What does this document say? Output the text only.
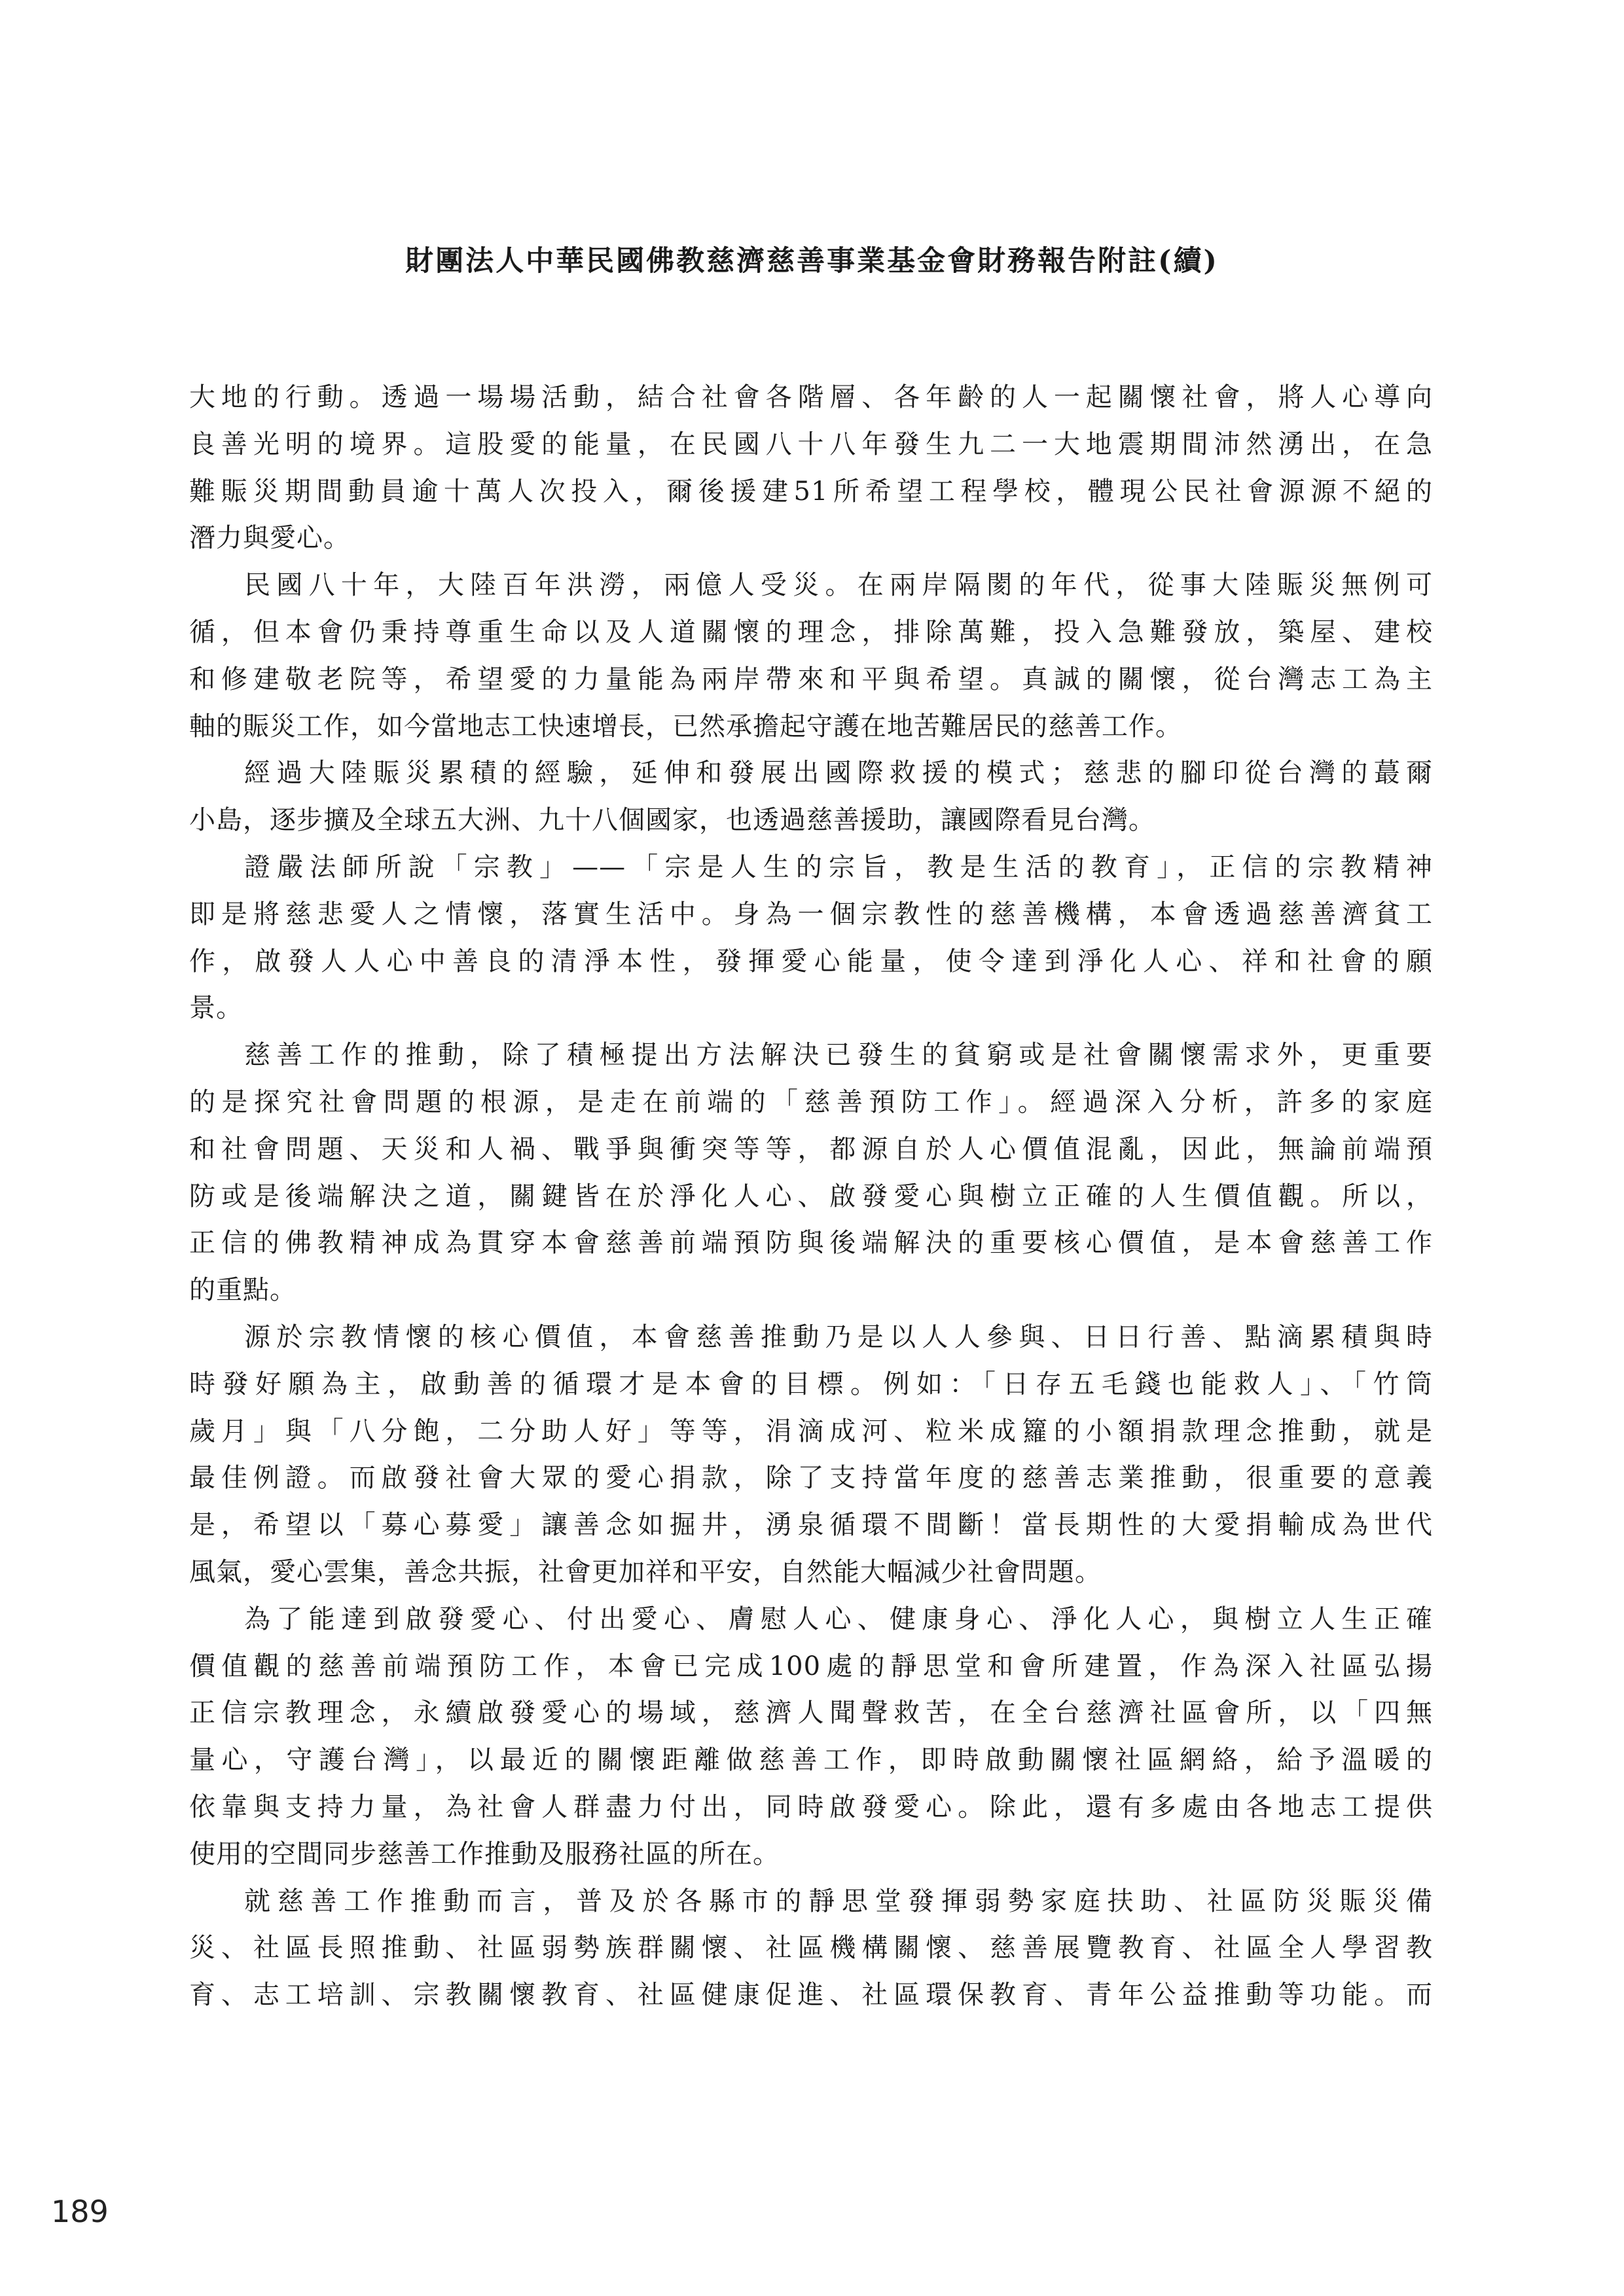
財團法人中華民國佛教慈濟慈善事業基金會財務報告附註(續)
大地的行動。透過一場場活動，結合社會各階層、各年齡的人一起關懷社會，將人心導向
良善光明的境界。這股愛的能量，在民國八十八年發生九二一大地震期間沛然湧出，在急
難賑災期間動員逾十萬人次投入，爾後援建51所希望工程學校，體現公民社會源源不絕的
潛力與愛心。
民國八十年，大陸百年洪澇，兩億人受災。在兩岸隔閡的年代，從事大陸賑災無例可
循，但本會仍秉持尊重生命以及人道關懷的理念，排除萬難，投入急難發放，築屋、建校
和修建敬老院等，希望愛的力量能為兩岸帶來和平與希望。真誠的關懷，從台灣志工為主
軸的賑災工作，如今當地志工快速增長，已然承擔起守護在地苦難居民的慈善工作。
經過大陸賑災累積的經驗，延伸和發展出國際救援的模式；慈悲的腳印從台灣的蕞爾
小島，逐步擴及全球五大洲、九十八個國家，也透過慈善援助，讓國際看見台灣。
證嚴法師所說「宗教」——「宗是人生的宗旨，教是生活的教育」，正信的宗教精神
即是將慈悲愛人之情懷，落實生活中。身為一個宗教性的慈善機構，本會透過慈善濟貧工
作，啟發人人心中善良的清淨本性，發揮愛心能量，使令達到淨化人心、祥和社會的願
景。
慈善工作的推動，除了積極提出方法解決已發生的貧窮或是社會關懷需求外，更重要
的是探究社會問題的根源，是走在前端的「慈善預防工作」。經過深入分析，許多的家庭
和社會問題、天災和人禍、戰爭與衝突等等，都源自於人心價值混亂，因此，無論前端預
防或是後端解決之道，關鍵皆在於淨化人心、啟發愛心與樹立正確的人生價值觀。所以，
正信的佛教精神成為貫穿本會慈善前端預防與後端解決的重要核心價值，是本會慈善工作
的重點。
源於宗教情懷的核心價值，本會慈善推動乃是以人人參與、日日行善、點滴累積與時
時發好願為主，啟動善的循環才是本會的目標。例如：「日存五毛錢也能救人」、「竹筒
歲月」與「八分飽，二分助人好」等等，涓滴成河、粒米成籮的小額捐款理念推動，就是
最佳例證。而啟發社會大眾的愛心捐款，除了支持當年度的慈善志業推動，很重要的意義
是，希望以「募心募愛」讓善念如掘井，湧泉循環不間斷！當長期性的大愛捐輸成為世代
風氣，愛心雲集，善念共振，社會更加祥和平安，自然能大幅減少社會問題。
為了能達到啟發愛心、付出愛心、膚慰人心、健康身心、淨化人心，與樹立人生正確
價值觀的慈善前端預防工作，本會已完成100處的靜思堂和會所建置，作為深入社區弘揚
正信宗教理念，永續啟發愛心的場域，慈濟人聞聲救苦，在全台慈濟社區會所，以「四無
量心，守護台灣」，以最近的關懷距離做慈善工作，即時啟動關懷社區網絡，給予溫暖的
依靠與支持力量，為社會人群盡力付出，同時啟發愛心。除此，還有多處由各地志工提供
使用的空間同步慈善工作推動及服務社區的所在。
就慈善工作推動而言，普及於各縣市的靜思堂發揮弱勢家庭扶助、社區防災賑災備
災、社區長照推動、社區弱勢族群關懷、社區機構關懷、慈善展覽教育、社區全人學習教
育、志工培訓、宗教關懷教育、社區健康促進、社區環保教育、青年公益推動等功能。而
189
